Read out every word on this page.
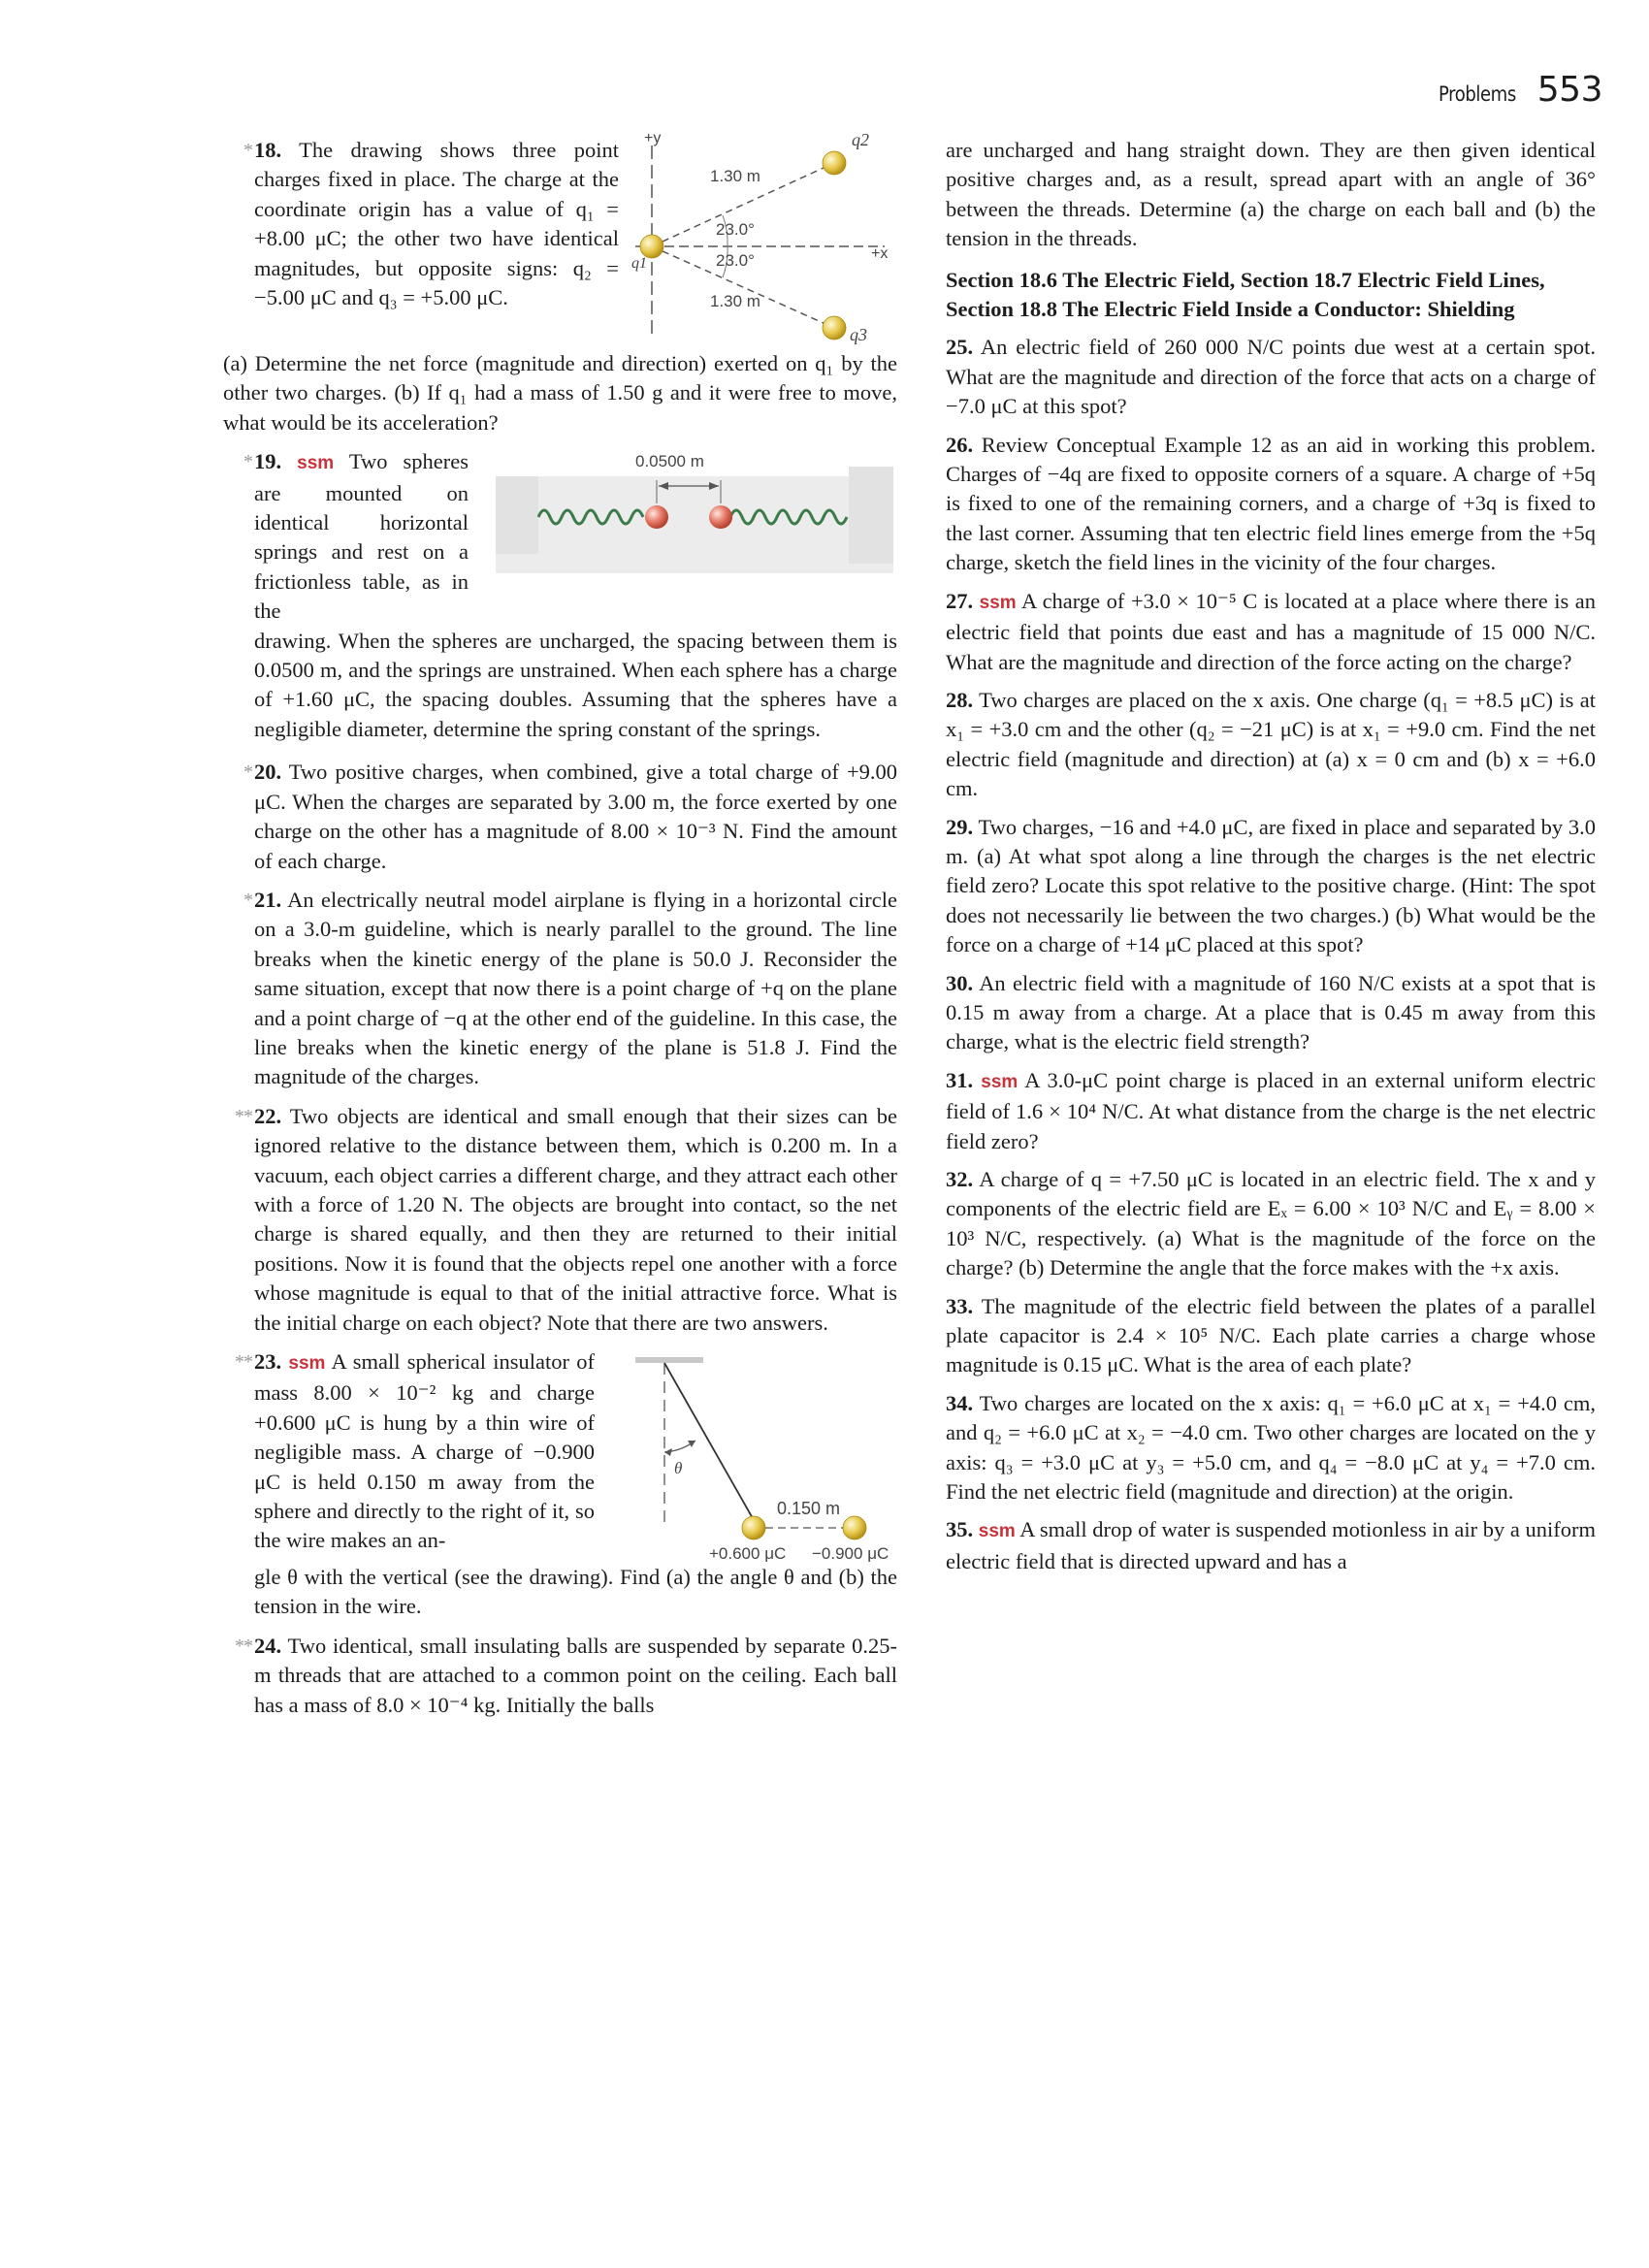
Problems 553
*
+y
+x
q1
q2
q3
1.30 m
1.30 m
23.0°
23.0°
18. The drawing shows three point charges fixed in place. The charge at the coordinate origin has a value of q₁ = +8.00 μC; the other two have identical magnitudes, but opposite signs: q₂ = −5.00 μC and q₃ = +5.00 μC.
(a) Determine the net force (magnitude and direction) exerted on q₁ by the other two charges. (b) If q₁ had a mass of 1.50 g and it were free to move, what would be its acceleration?
*	0.0500 m
19. ssm Two spheres are mounted on identical horizontal springs and rest on a frictionless table, as in the
drawing. When the spheres are uncharged, the spacing between them is 0.0500 m, and the springs are unstrained. When each sphere has a charge of +1.60 μC, the spacing doubles. Assuming that the spheres have a negligible diameter, determine the spring constant of the springs.
* 20. Two positive charges, when combined, give a total charge of +9.00 μC. When the charges are separated by 3.00 m, the force exerted by one charge on the other has a magnitude of 8.00 × 10⁻³ N. Find the amount of each charge.
* 21. An electrically neutral model airplane is flying in a horizontal circle on a 3.0-m guideline, which is nearly parallel to the ground. The line breaks when the kinetic energy of the plane is 50.0 J. Reconsider the same situation, except that now there is a point charge of +q on the plane and a point charge of −q at the other end of the guideline. In this case, the line breaks when the kinetic energy of the plane is 51.8 J. Find the magnitude of the charges.
** 22. Two objects are identical and small enough that their sizes can be ignored relative to the distance between them, which is 0.200 m. In a vacuum, each object carries a different charge, and they attract each other with a force of 1.20 N. The objects are brought into contact, so the net charge is shared equally, and then they are returned to their initial positions. Now it is found that the objects repel one another with a force whose magnitude is equal to that of the initial attractive force. What is the initial charge on each object? Note that there are two answers.
**
θ
0.150 m
+0.600 μC −0.900 μC
23. ssm A small spherical insulator of mass 8.00 × 10⁻² kg and charge +0.600 μC is hung by a thin wire of negligible mass. A charge of −0.900 μC is held 0.150 m away from the sphere and directly to the right of it, so the wire makes an an-
gle θ with the vertical (see the drawing). Find (a) the angle θ and (b) the tension in the wire.
** 24. Two identical, small insulating balls are suspended by separate 0.25-m threads that are attached to a common point on the ceiling. Each ball has a mass of 8.0 × 10⁻⁴ kg. Initially the balls
are uncharged and hang straight down. They are then given identical positive charges and, as a result, spread apart with an angle of 36° between the threads. Determine (a) the charge on each ball and (b) the tension in the threads.
Section 18.6 The Electric Field, Section 18.7 Electric Field Lines, Section 18.8 The Electric Field Inside a Conductor: Shielding
25. An electric field of 260 000 N/C points due west at a certain spot. What are the magnitude and direction of the force that acts on a charge of −7.0 μC at this spot?
26. Review Conceptual Example 12 as an aid in working this problem. Charges of −4q are fixed to opposite corners of a square. A charge of +5q is fixed to one of the remaining corners, and a charge of +3q is fixed to the last corner. Assuming that ten electric field lines emerge from the +5q charge, sketch the field lines in the vicinity of the four charges.
27. ssm A charge of +3.0 × 10⁻⁵ C is located at a place where there is an electric field that points due east and has a magnitude of 15 000 N/C. What are the magnitude and direction of the force acting on the charge?
28. Two charges are placed on the x axis. One charge (q₁ = +8.5 μC) is at x₁ = +3.0 cm and the other (q₂ = −21 μC) is at x₁ = +9.0 cm. Find the net electric field (magnitude and direction) at (a) x = 0 cm and (b) x = +6.0 cm.
29. Two charges, −16 and +4.0 μC, are fixed in place and separated by 3.0 m. (a) At what spot along a line through the charges is the net electric field zero? Locate this spot relative to the positive charge. (Hint: The spot does not necessarily lie between the two charges.) (b) What would be the force on a charge of +14 μC placed at this spot?
30. An electric field with a magnitude of 160 N/C exists at a spot that is 0.15 m away from a charge. At a place that is 0.45 m away from this charge, what is the electric field strength?
31. ssm A 3.0-μC point charge is placed in an external uniform electric field of 1.6 × 10⁴ N/C. At what distance from the charge is the net electric field zero?
32. A charge of q = +7.50 μC is located in an electric field. The x and y components of the electric field are Eₓ = 6.00 × 10³ N/C and Eᵧ = 8.00 × 10³ N/C, respectively. (a) What is the magnitude of the force on the charge? (b) Determine the angle that the force makes with the +x axis.
33. The magnitude of the electric field between the plates of a parallel plate capacitor is 2.4 × 10⁵ N/C. Each plate carries a charge whose magnitude is 0.15 μC. What is the area of each plate?
34. Two charges are located on the x axis: q₁ = +6.0 μC at x₁ = +4.0 cm, and q₂ = +6.0 μC at x₂ = −4.0 cm. Two other charges are located on the y axis: q₃ = +3.0 μC at y₃ = +5.0 cm, and q₄ = −8.0 μC at y₄ = +7.0 cm. Find the net electric field (magnitude and direction) at the origin.
35. ssm A small drop of water is suspended motionless in air by a uniform electric field that is directed upward and has a
